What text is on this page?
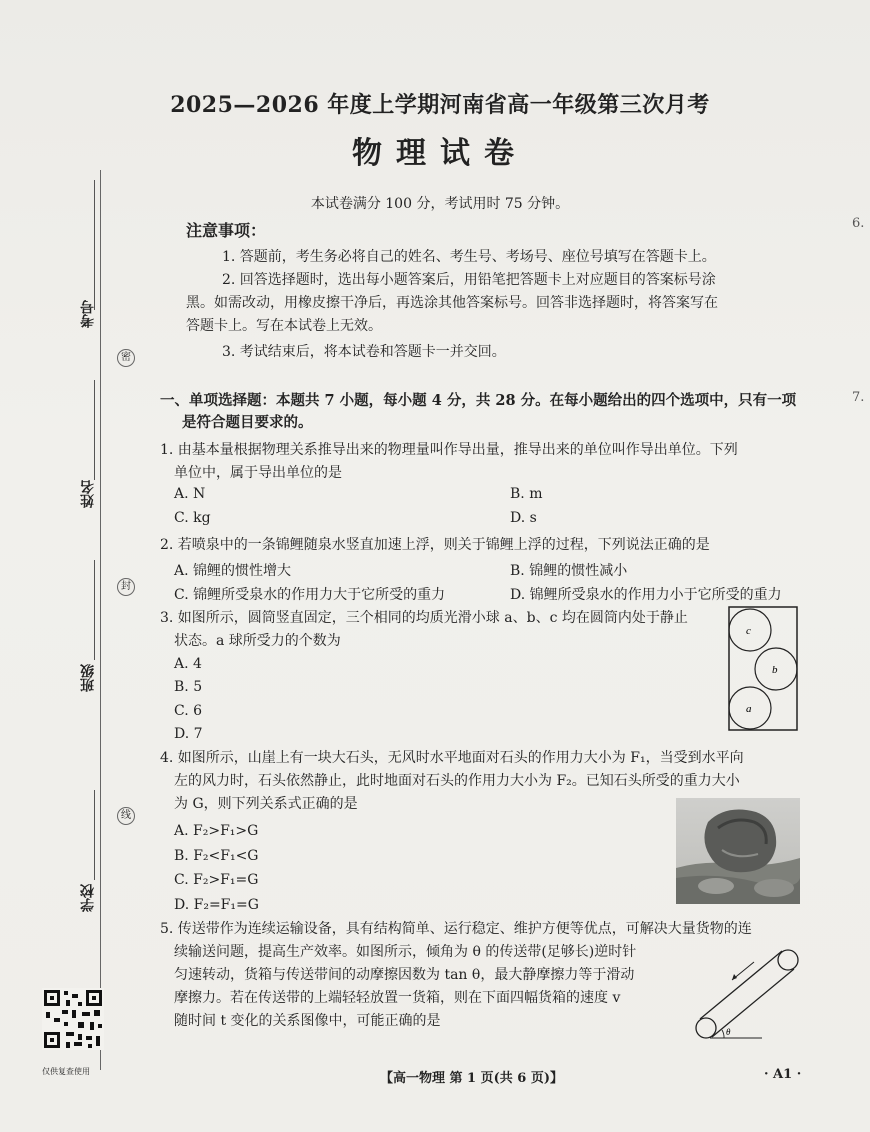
考号
密
姓名
封
班级
线
学校
仅供复查使用
2025—2026 年度上学期河南省高一年级第三次月考
物理试卷
本试卷满分 100 分，考试用时 75 分钟。
注意事项：
1. 答题前，考生务必将自己的姓名、考生号、考场号、座位号填写在答题卡上。
2. 回答选择题时，选出每小题答案后，用铅笔把答题卡上对应题目的答案标号涂
黑。如需改动，用橡皮擦干净后，再选涂其他答案标号。回答非选择题时，将答案写在
答题卡上。写在本试卷上无效。
3. 考试结束后，将本试卷和答题卡一并交回。
一、单项选择题：本题共 7 小题，每小题 4 分，共 28 分。在每小题给出的四个选项中，只有一项
是符合题目要求的。
1. 由基本量根据物理关系推导出来的物理量叫作导出量，推导出来的单位叫作导出单位。下列
单位中，属于导出单位的是
A. N	B. m
C. kg	D. s
2. 若喷泉中的一条锦鲤随泉水竖直加速上浮，则关于锦鲤上浮的过程，下列说法正确的是
A. 锦鲤的惯性增大	B. 锦鲤的惯性减小
C. 锦鲤所受泉水的作用力大于它所受的重力	D. 锦鲤所受泉水的作用力小于它所受的重力
3. 如图所示，圆筒竖直固定，三个相同的均质光滑小球 a、b、c 均在圆筒内处于静止
状态。a 球所受力的个数为
A. 4
B. 5
C. 6
D. 7
c
b
a
4. 如图所示，山崖上有一块大石头，无风时水平地面对石头的作用力大小为 F₁，当受到水平向
左的风力时，石头依然静止，此时地面对石头的作用力大小为 F₂。已知石头所受的重力大小
为 G，则下列关系式正确的是
A. F₂>F₁>G
B. F₂<F₁<G
C. F₂>F₁=G
D. F₂=F₁=G
5. 传送带作为连续运输设备，具有结构简单、运行稳定、维护方便等优点，可解决大量货物的连
续输送问题，提高生产效率。如图所示，倾角为 θ 的传送带(足够长)逆时针
匀速转动，货箱与传送带间的动摩擦因数为 tan θ，最大静摩擦力等于滑动
摩擦力。若在传送带的上端轻轻放置一货箱，则在下面四幅货箱的速度 v
随时间 t 变化的关系图像中，可能正确的是
θ
6.
7.
【高一物理 第 1 页(共 6 页)】	· A1 ·
